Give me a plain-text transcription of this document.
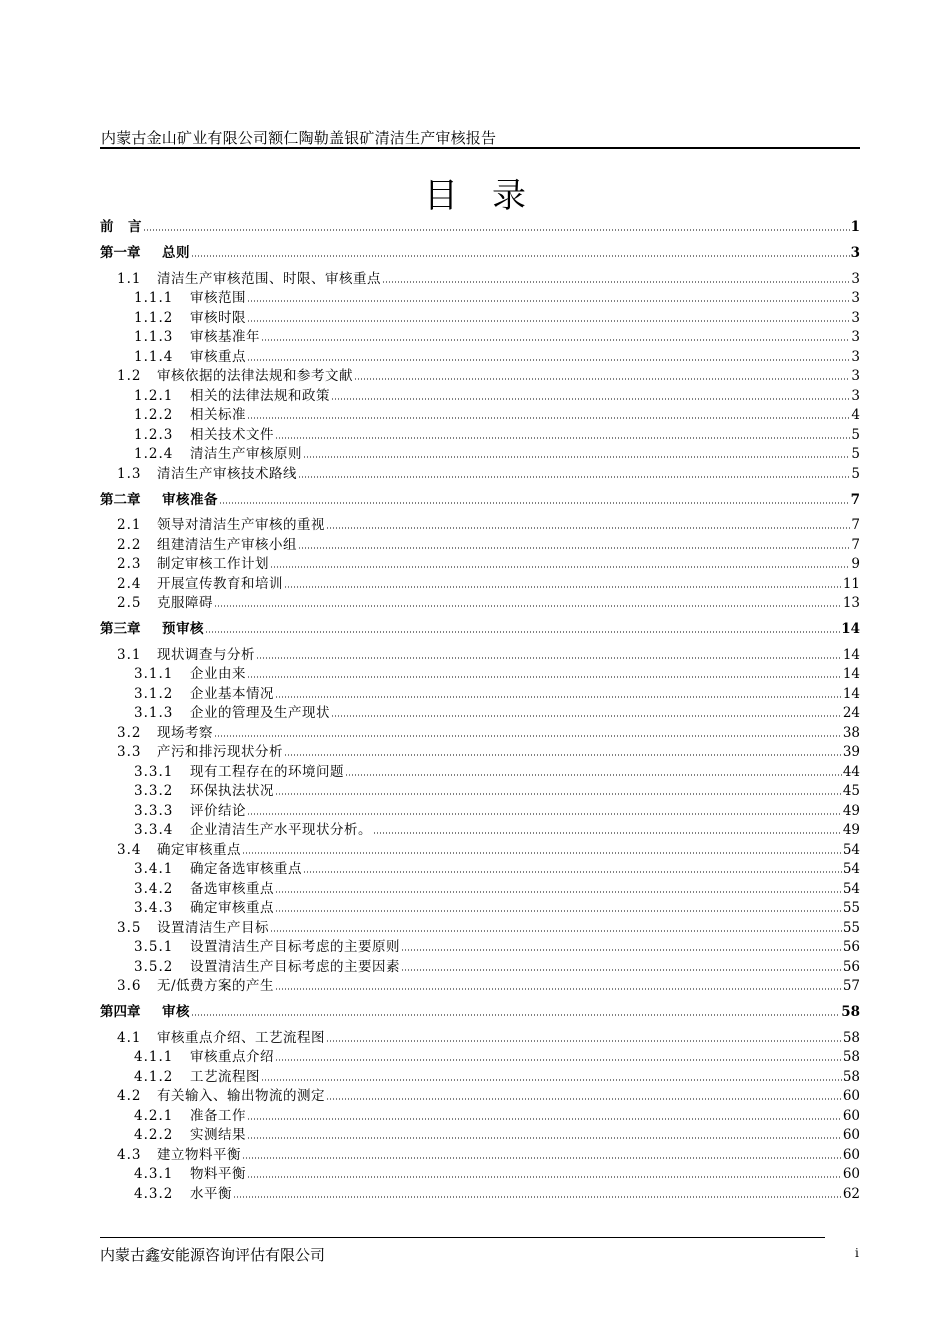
内蒙古金山矿业有限公司额仁陶勒盖银矿清洁生产审核报告
目录
前　言	1
第一章	总则	3
1.1	清洁生产审核范围、时限、审核重点	3
1.1.1	审核范围	3
1.1.2	审核时限	3
1.1.3	审核基准年	3
1.1.4	审核重点	3
1.2	审核依据的法律法规和参考文献	3
1.2.1	相关的法律法规和政策	3
1.2.2	相关标准	4
1.2.3	相关技术文件	5
1.2.4	清洁生产审核原则	5
1.3	清洁生产审核技术路线	5
第二章	审核准备	7
2.1	领导对清洁生产审核的重视	7
2.2	组建清洁生产审核小组	7
2.3	制定审核工作计划	9
2.4	开展宣传教育和培训	11
2.5	克服障碍	13
第三章	预审核	14
3.1	现状调查与分析	14
3.1.1	企业由来	14
3.1.2	企业基本情况	14
3.1.3	企业的管理及生产现状	24
3.2	现场考察	38
3.3	产污和排污现状分析	39
3.3.1	现有工程存在的环境问题	44
3.3.2	环保执法状况	45
3.3.3	评价结论	49
3.3.4	企业清洁生产水平现状分析。	49
3.4	确定审核重点	54
3.4.1	确定备选审核重点	54
3.4.2	备选审核重点	54
3.4.3	确定审核重点	55
3.5	设置清洁生产目标	55
3.5.1	设置清洁生产目标考虑的主要原则	56
3.5.2	设置清洁生产目标考虑的主要因素	56
3.6	无/低费方案的产生	57
第四章	审核	58
4.1	审核重点介绍、工艺流程图	58
4.1.1	审核重点介绍	58
4.1.2	工艺流程图	58
4.2	有关输入、输出物流的测定	60
4.2.1	准备工作	60
4.2.2	实测结果	60
4.3	建立物料平衡	60
4.3.1	物料平衡	60
4.3.2	水平衡	62
内蒙古鑫安能源咨询评估有限公司	i
